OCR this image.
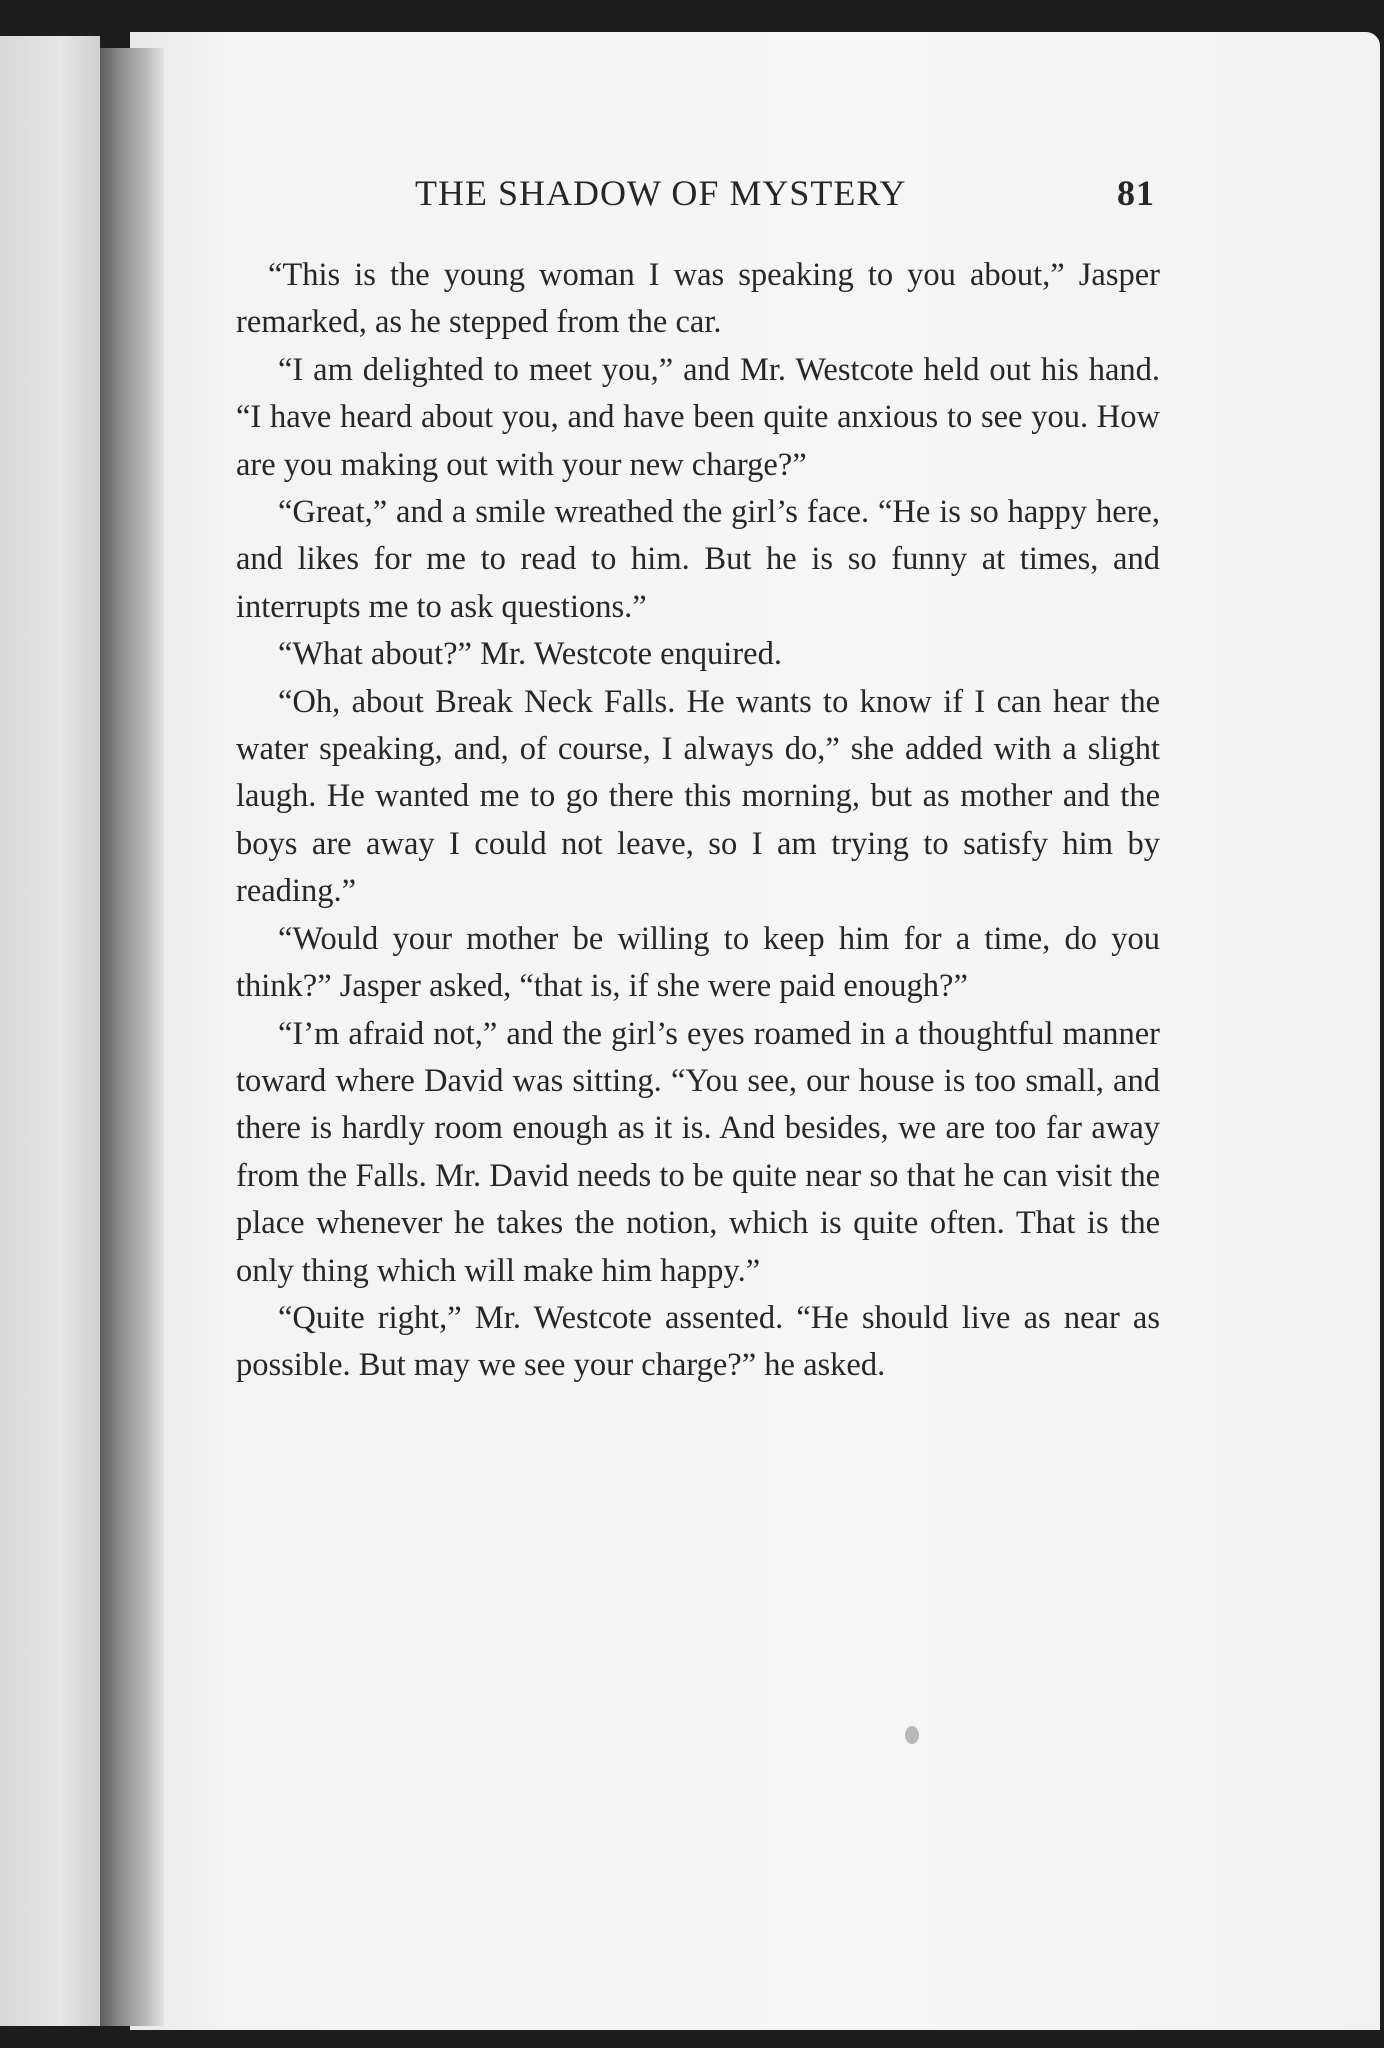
THE SHADOW OF MYSTERY	81

“This is the young woman I was speaking to you about,” Jasper remarked, as he stepped from the car.

“I am delighted to meet you,” and Mr. Westcote held out his hand. “I have heard about you, and have been quite anxious to see you. How are you making out with your new charge?”

“Great,” and a smile wreathed the girl’s face. “He is so happy here, and likes for me to read to him. But he is so funny at times, and interrupts me to ask questions.”

“What about?” Mr. Westcote enquired.

“Oh, about Break Neck Falls. He wants to know if I can hear the water speaking, and, of course, I always do,” she added with a slight laugh. He wanted me to go there this morning, but as mother and the boys are away I could not leave, so I am trying to satisfy him by reading.”

“Would your mother be willing to keep him for a time, do you think?” Jasper asked, “that is, if she were paid enough?”

“I’m afraid not,” and the girl’s eyes roamed in a thoughtful manner toward where David was sitting. “You see, our house is too small, and there is hardly room enough as it is. And besides, we are too far away from the Falls. Mr. David needs to be quite near so that he can visit the place whenever he takes the notion, which is quite often. That is the only thing which will make him happy.”

“Quite right,” Mr. Westcote assented. “He should live as near as possible. But may we see your charge?” he asked.
